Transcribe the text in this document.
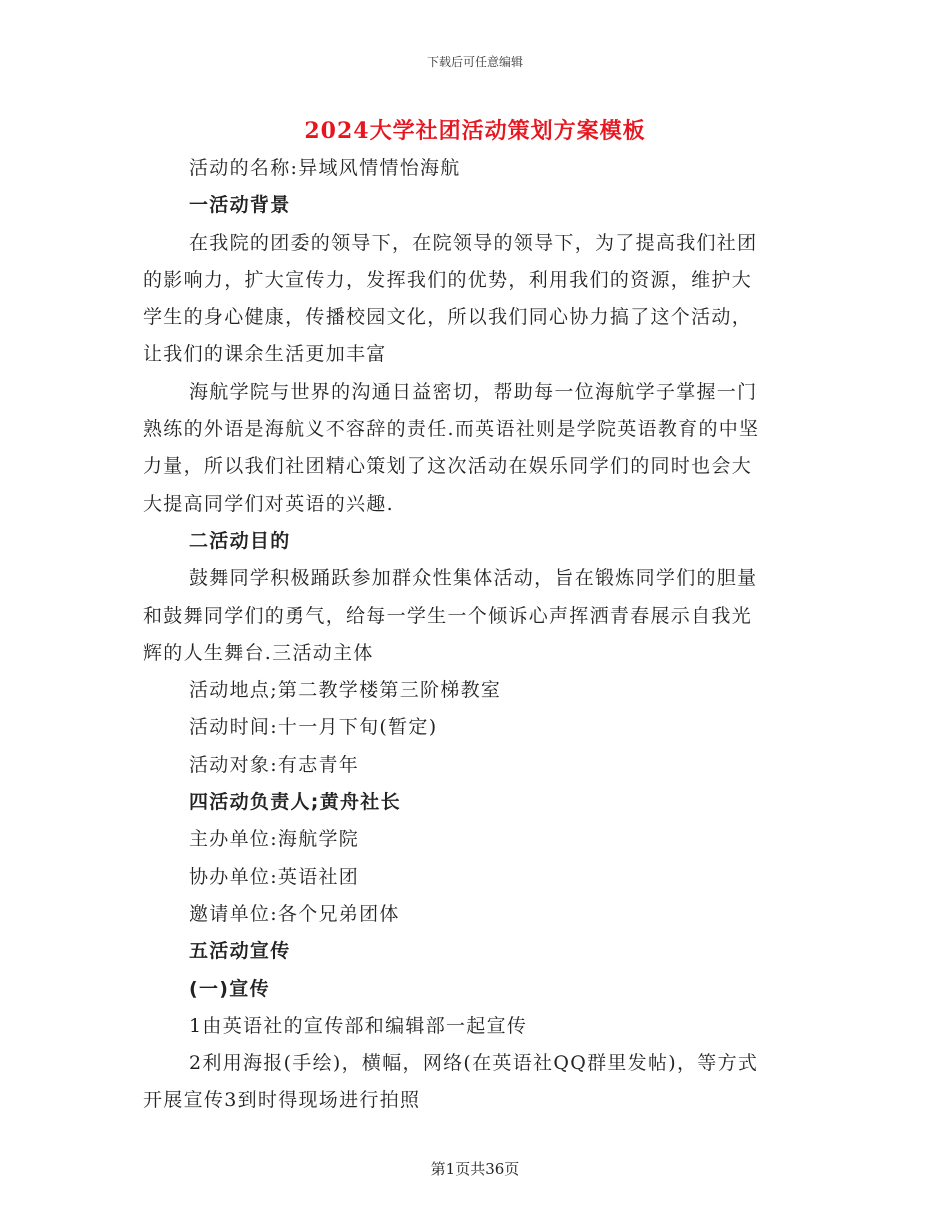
下载后可任意编辑
2024大学社团活动策划方案模板
活动的名称:异域风情情怡海航
一活动背景
在我院的团委的领导下，在院领导的领导下，为了提高我们社团
的影响力，扩大宣传力，发挥我们的优势，利用我们的资源，维护大
学生的身心健康，传播校园文化，所以我们同心协力搞了这个活动，
让我们的课余生活更加丰富
海航学院与世界的沟通日益密切，帮助每一位海航学子掌握一门
熟练的外语是海航义不容辞的责任.而英语社则是学院英语教育的中坚
力量，所以我们社团精心策划了这次活动在娱乐同学们的同时也会大
大提高同学们对英语的兴趣.
二活动目的
鼓舞同学积极踊跃参加群众性集体活动，旨在锻炼同学们的胆量
和鼓舞同学们的勇气，给每一学生一个倾诉心声挥洒青春展示自我光
辉的人生舞台.三活动主体
活动地点;第二教学楼第三阶梯教室
活动时间:十一月下旬(暂定)
活动对象:有志青年
四活动负责人;黄舟社长
主办单位:海航学院
协办单位:英语社团
邀请单位:各个兄弟团体
五活动宣传
(一)宣传
1由英语社的宣传部和编辑部一起宣传
2利用海报(手绘)，横幅，网络(在英语社QQ群里发帖)，等方式
开展宣传3到时得现场进行拍照
第1页共36页
